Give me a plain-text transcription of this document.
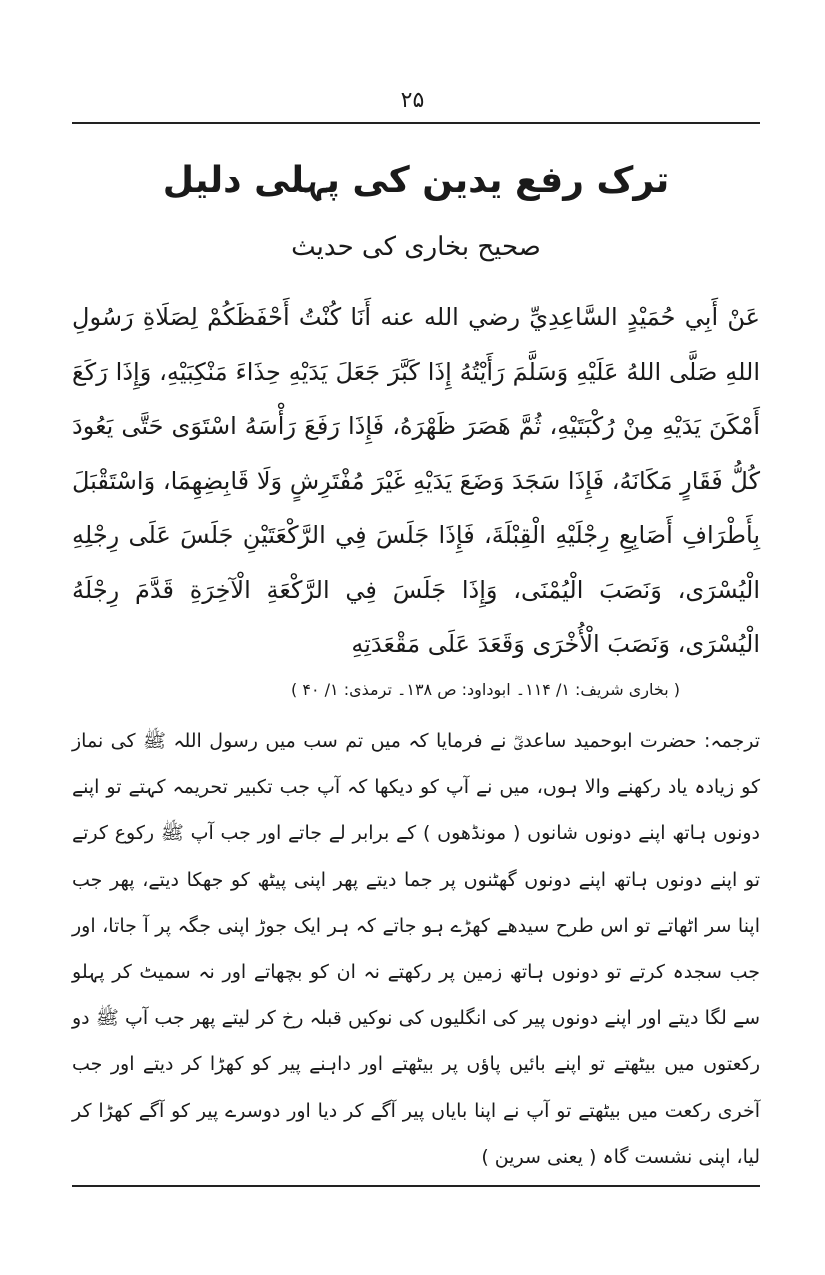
۲۵
ترک رفع یدین کی پہلی دلیل
صحیح بخاری کی حدیث
عَنْ أَبِي حُمَيْدٍ السَّاعِدِيِّ رضي الله عنه أَنَا كُنْتُ أَحْفَظَكُمْ لِصَلَاةِ رَسُولِ اللهِ صَلَّى اللهُ عَلَيْهِ وَسَلَّمَ رَأَيْتُهُ إِذَا كَبَّرَ جَعَلَ يَدَيْهِ حِذَاءَ مَنْكِبَيْهِ، وَإِذَا رَكَعَ أَمْكَنَ يَدَيْهِ مِنْ رُكْبَتَيْهِ، ثُمَّ هَصَرَ ظَهْرَهُ، فَإِذَا رَفَعَ رَأْسَهُ اسْتَوَى حَتَّى يَعُودَ كُلُّ فَقَارٍ مَكَانَهُ، فَإِذَا سَجَدَ وَضَعَ يَدَيْهِ غَيْرَ مُفْتَرِشٍ وَلَا قَابِضِهِمَا، وَاسْتَقْبَلَ بِأَطْرَافِ أَصَابِعِ رِجْلَيْهِ الْقِبْلَةَ، فَإِذَا جَلَسَ فِي الرَّكْعَتَيْنِ جَلَسَ عَلَى رِجْلِهِ الْيُسْرَى، وَنَصَبَ الْيُمْنَى، وَإِذَا جَلَسَ فِي الرَّكْعَةِ الْآخِرَةِ قَدَّمَ رِجْلَهُ الْيُسْرَى، وَنَصَبَ الْأُخْرَى وَقَعَدَ عَلَى مَقْعَدَتِهِ
( بخاری شریف: ۱/ ۱۱۴۔ ابوداود: ص ۱۳۸۔ ترمذی: ۱/ ۴۰ )
ترجمہ: حضرت ابوحمید ساعدیؓ نے فرمایا کہ میں تم سب میں رسول اللہ ﷺ کی نماز کو زیادہ یاد رکھنے والا ہوں، میں نے آپ کو دیکھا کہ آپ جب تکبیر تحریمہ کہتے تو اپنے دونوں ہاتھ اپنے دونوں شانوں ( مونڈھوں ) کے برابر لے جاتے اور جب آپ ﷺ رکوع کرتے تو اپنے دونوں ہاتھ اپنے دونوں گھٹنوں پر جما دیتے پھر اپنی پیٹھ کو جھکا دیتے، پھر جب اپنا سر اٹھاتے تو اس طرح سیدھے کھڑے ہو جاتے کہ ہر ایک جوڑ اپنی جگہ پر آ جاتا، اور جب سجدہ کرتے تو دونوں ہاتھ زمین پر رکھتے نہ ان کو بچھاتے اور نہ سمیٹ کر پہلو سے لگا دیتے اور اپنے دونوں پیر کی انگلیوں کی نوکیں قبلہ رخ کر لیتے پھر جب آپ ﷺ دو رکعتوں میں بیٹھتے تو اپنے بائیں پاؤں پر بیٹھتے اور داہنے پیر کو کھڑا کر دیتے اور جب آخری رکعت میں بیٹھتے تو آپ نے اپنا بایاں پیر آگے کر دیا اور دوسرے پیر کو آگے کھڑا کر لیا، اپنی نشست گاہ ( یعنی سرین )
